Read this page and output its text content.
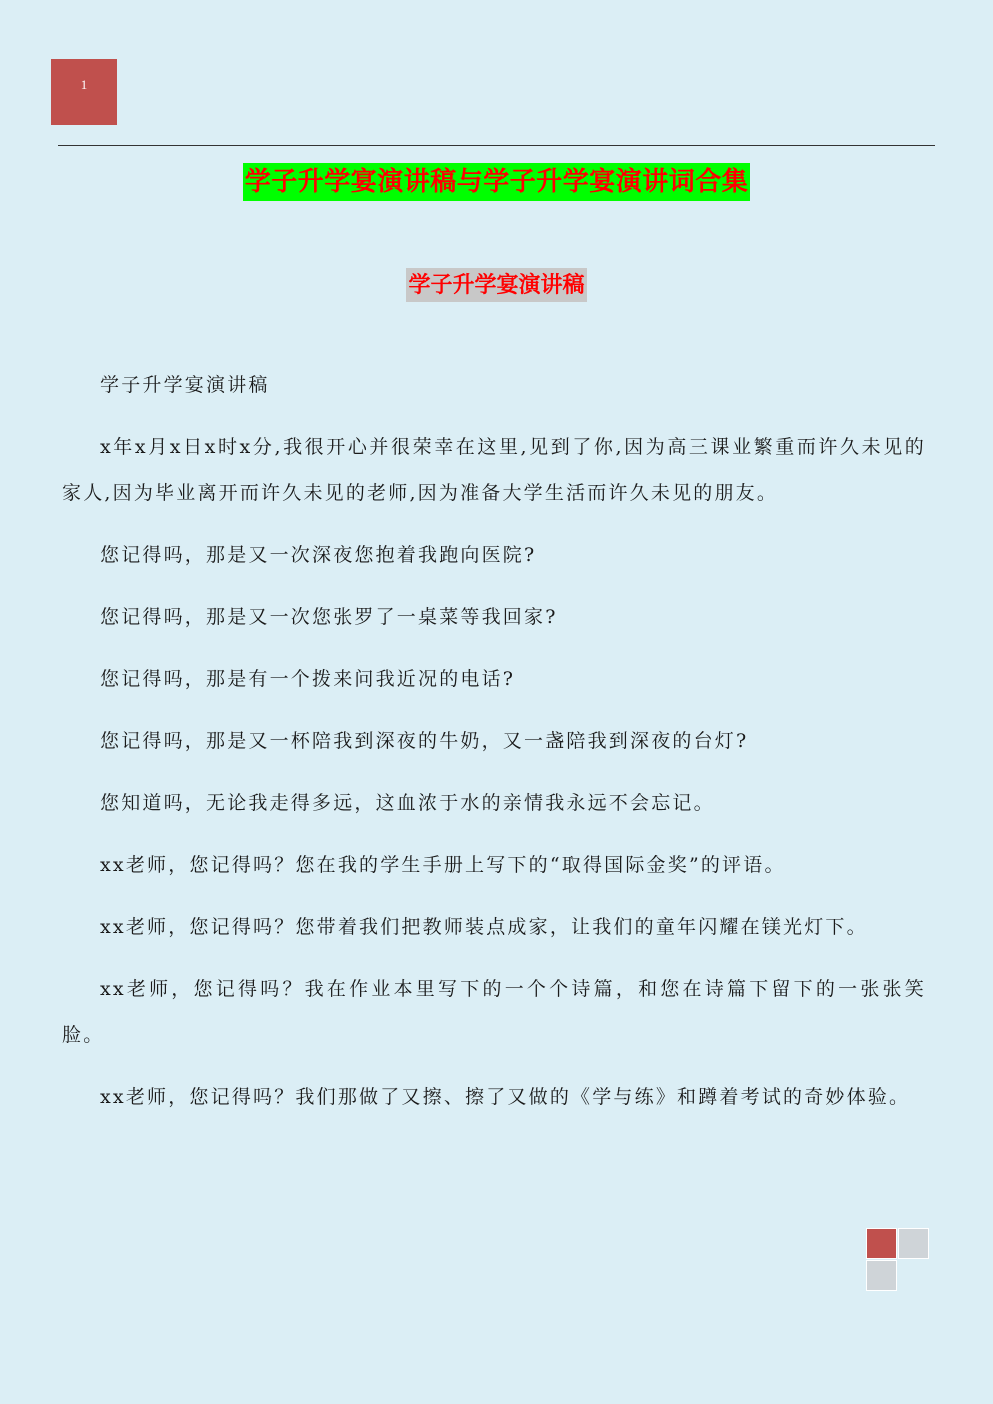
1
学子升学宴演讲稿与学子升学宴演讲词合集
学子升学宴演讲稿

学子升学宴演讲稿

x年x月x日x时x分,我很开心并很荣幸在这里,见到了你,因为高三课业繁重而许久未见的家人,因为毕业离开而许久未见的老师,因为准备大学生活而许久未见的朋友。

您记得吗，那是又一次深夜您抱着我跑向医院?

您记得吗，那是又一次您张罗了一桌菜等我回家?

您记得吗，那是有一个拨来问我近况的电话?

您记得吗，那是又一杯陪我到深夜的牛奶，又一盏陪我到深夜的台灯?

您知道吗，无论我走得多远，这血浓于水的亲情我永远不会忘记。

xx老师，您记得吗？您在我的学生手册上写下的“取得国际金奖”的评语。

xx老师，您记得吗？您带着我们把教师装点成家，让我们的童年闪耀在镁光灯下。

xx老师，您记得吗？我在作业本里写下的一个个诗篇，和您在诗篇下留下的一张张笑脸。

xx老师，您记得吗？我们那做了又擦、擦了又做的《学与练》和蹲着考试的奇妙体验。
